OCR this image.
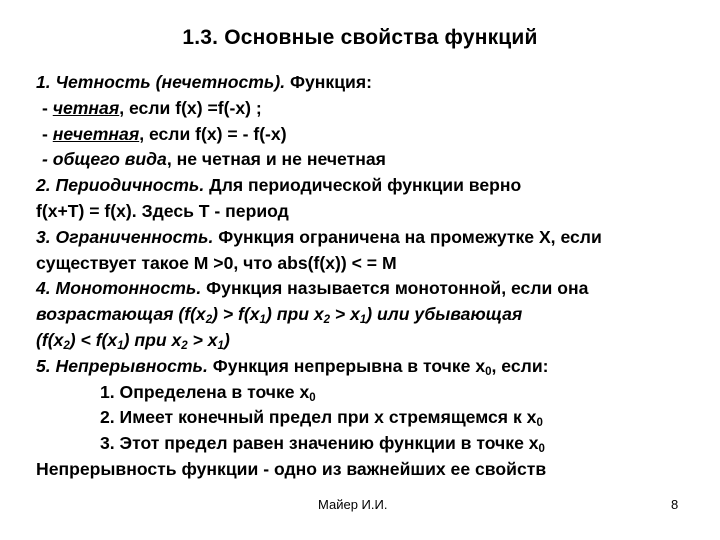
1.3. Основные свойства функций
1. Четность (нечетность). Функция:
- четная, если f(x) =f(-x) ;
- нечетная, если f(x) = - f(-x)
- общего вида, не четная и не нечетная
2. Периодичность. Для периодической функции верно
f(x+T) = f(x). Здесь Т - период
3. Ограниченность. Функция ограничена на промежутке Х, если
существует такое М >0, что abs(f(x)) < = M
4. Монотонность. Функция называется монотонной, если она
возрастающая ($f(x_2) > f(x_1)$ при $х_2 > х_1$) или убывающая
($f(x_2) < f(x_1)$ при $х_2 > х_1$)
5. Непрерывность. Функция непрерывна в точке $х_0$, если:
1. Определена в точке $х_0$
2. Имеет конечный предел при х стремящемся к $х_0$
3. Этот предел равен значению функции в точке $х_0$
Непрерывность функции - одно из важнейших ее свойств
Майер И.И.	8
